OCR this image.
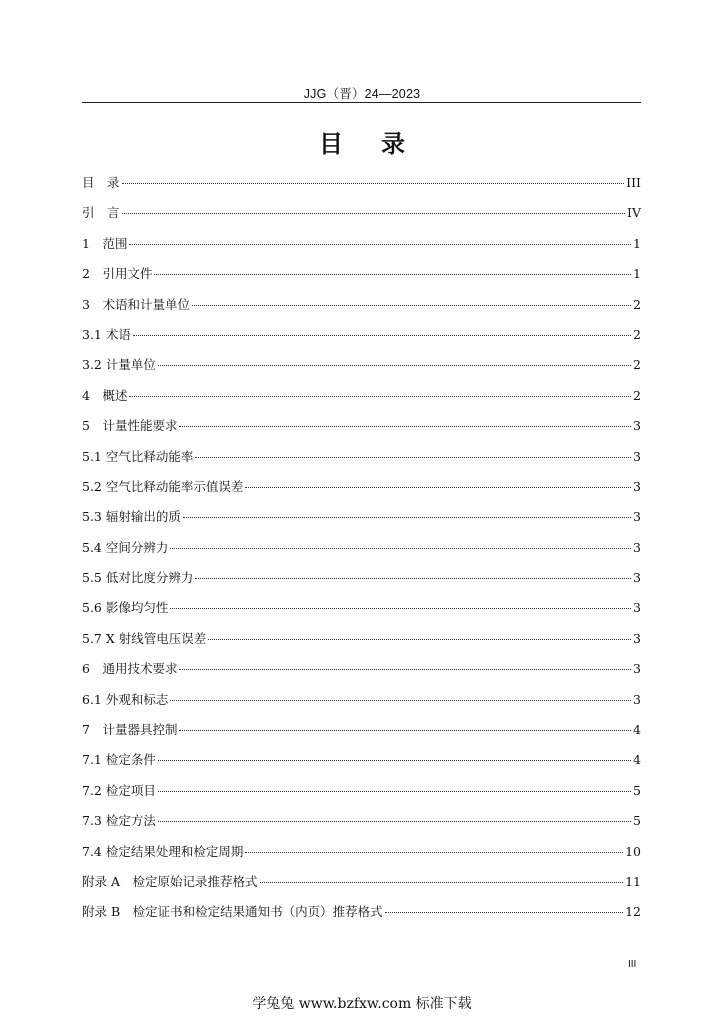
JJG（晋）24—2023
目录
目　录	III
引　言	IV
1　范围	1
2　引用文件	1
3　术语和计量单位	2
3.1 术语	2
3.2 计量单位	2
4　概述	2
5　计量性能要求	3
5.1 空气比释动能率	3
5.2 空气比释动能率示值误差	3
5.3 辐射输出的质	3
5.4 空间分辨力	3
5.5 低对比度分辨力	3
5.6 影像均匀性	3
5.7 X 射线管电压误差	3
6　通用技术要求	3
6.1 外观和标志	3
7　计量器具控制	4
7.1 检定条件	4
7.2 检定项目	5
7.3 检定方法	5
7.4 检定结果处理和检定周期	10
附录 A　检定原始记录推荐格式	11
附录 B　检定证书和检定结果通知书（内页）推荐格式	12
III
学兔兔 www.bzfxw.com 标准下载
